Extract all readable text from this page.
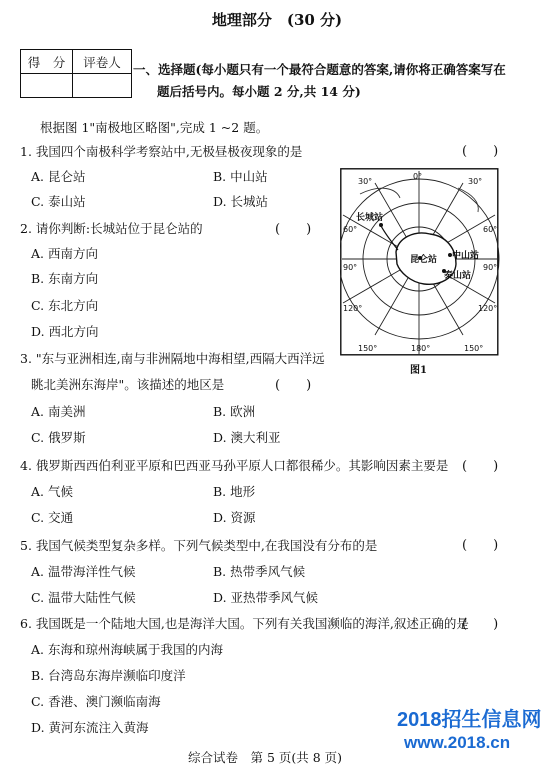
地理部分　(30 分)
得　分	评卷人
	一、选择题(每小题只有一个最符合题意的答案,请你将正确答案写在
题后括号内。每小题 2 分,共 14 分)
根据图 1"南极地区略图",完成 1 ~2 题。
1. 我国四个南极科学考察站中,无极昼极夜现象的是	(　　)
A. 昆仑站	B. 中山站
C. 泰山站	D. 长城站
2. 请你判断:长城站位于昆仑站的	(　　)
A. 西南方向
B. 东南方向
C. 东北方向
D. 西北方向
3. "东与亚洲相连,南与非洲隔地中海相望,西隔大西洋远
眺北美洲东海岸"。该描述的地区是	(　　)
A. 南美洲	B. 欧洲
C. 俄罗斯	D. 澳大利亚
4. 俄罗斯西西伯利亚平原和巴西亚马孙平原人口都很稀少。其影响因素主要是 (　　)
A. 气候	B. 地形
C. 交通	D. 资源
5. 我国气候类型复杂多样。下列气候类型中,在我国没有分布的是	(　　)
A. 温带海洋性气候	B. 热带季风气候
C. 温带大陆性气候	D. 亚热带季风气候
6. 我国既是一个陆地大国,也是海洋大国。下列有关我国濒临的海洋,叙述正确的是
(　　)
A. 东海和琼州海峡属于我国的内海
B. 台湾岛东海岸濒临印度洋
C. 香港、澳门濒临南海
D. 黄河东流注入黄海
30°
0°
30°
60°	60°
90°	90°
120°	120°
150°	180°	150°
长城站
昆仑站 中山站
泰山站
图1
综合试卷　第 5 页(共 8 页)
2018招生信息网
www.2018.cn
